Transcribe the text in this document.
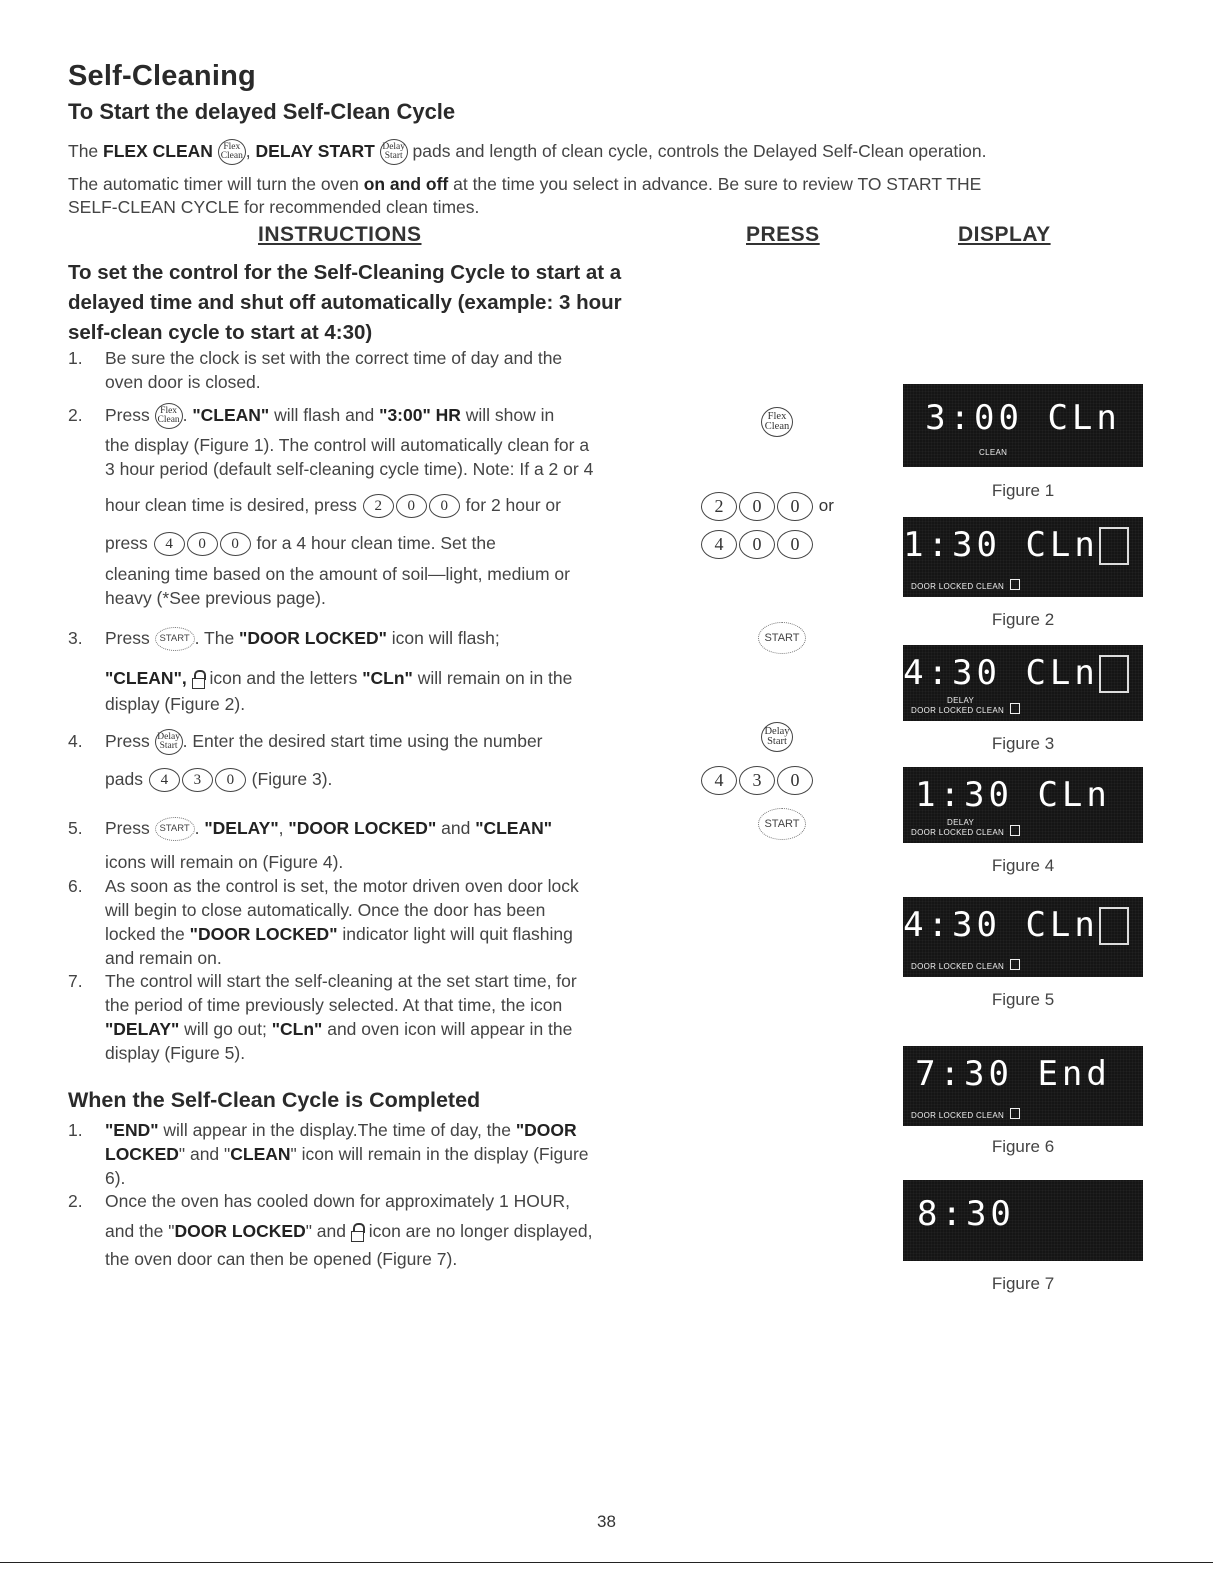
Self-Cleaning
To Start the delayed Self-Clean Cycle
The FLEX CLEAN Flex
Clean , DELAY START Delay
Start pads and length of clean cycle, controls the Delayed Self-Clean operation.
The automatic timer will turn the oven on and off at the time you select in advance. Be sure to review TO START THE
SELF-CLEAN CYCLE for recommended clean times.
INSTRUCTIONS	PRESS	DISPLAY
To set the control for the Self-Cleaning Cycle to start at a delayed time and shut off automatically (example: 3 hour self-clean cycle to start at 4:30)
1. Be sure the clock is set with the correct time of day and the
oven door is closed.
2. Press Flex
Clean . "CLEAN" will flash and "3:00" HR will show in
the display (Figure 1). The control will automatically clean for a
3 hour period (default self-cleaning cycle time). Note: If a 2 or 4
hour clean time is desired, press 2 0 0 for 2 hour or
press 4 0 0 for a 4 hour clean time. Set the
cleaning time based on the amount of soil—light, medium or
heavy (*See previous page).
3. Press START . The "DOOR LOCKED" icon will flash;
"CLEAN",  icon and the letters "CLn" will remain on in the
display (Figure 2).
4. Press Delay
Start . Enter the desired start time using the number
pads 4 3 0 (Figure 3).
5. Press START . "DELAY", "DOOR LOCKED" and "CLEAN"
icons will remain on (Figure 4).
6. As soon as the control is set, the motor driven oven door lock
will begin to close automatically. Once the door has been
locked the "DOOR LOCKED" indicator light will quit flashing
and remain on.
7. The control will start the self-cleaning at the set start time, for
the period of time previously selected. At that time, the icon
"DELAY" will go out; "CLn" and oven icon will appear in the
display (Figure 5).
When the Self-Clean Cycle is Completed
1. "END" will appear in the display.The time of day, the "DOOR
LOCKED" and "CLEAN" icon will remain in the display (Figure
6).
2. Once the oven has cooled down for approximately 1 HOUR,
and the "DOOR LOCKED" and  icon are no longer displayed,
the oven door can then be opened (Figure 7).
Flex
Clean
2 0 0 or
4 0 0
START
Delay
Start
4 3 0
START
3:00 CLn
CLEAN
Figure 1
1:30 CLn
DOOR LOCKED CLEAN
Figure 2
4:30 CLn
DELAY
DOOR LOCKED CLEAN
Figure 3
1:30 CLn
DELAY
DOOR LOCKED CLEAN
Figure 4
4:30 CLn
DOOR LOCKED CLEAN
Figure 5
7:30 End
DOOR LOCKED CLEAN
Figure 6
8:30
Figure 7
38
